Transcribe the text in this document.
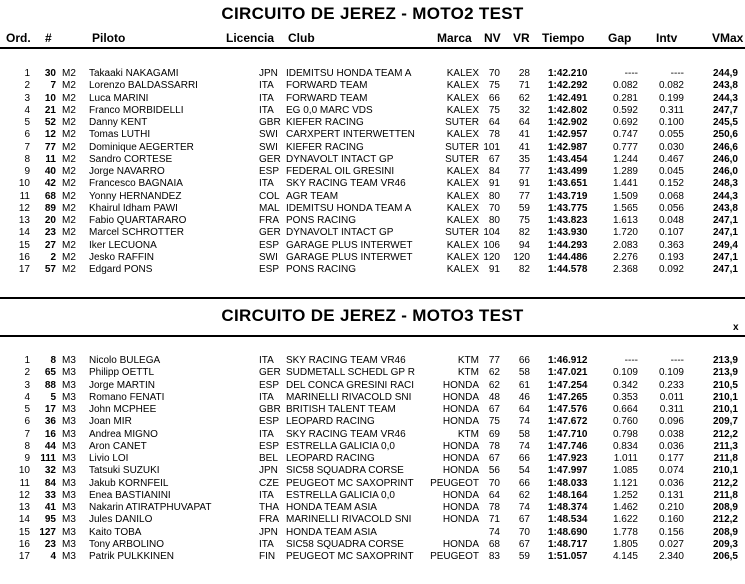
CIRCUITO DE JEREZ - MOTO2 TEST
Ord. #	Piloto	Licencia Club	Marca NV VR Tiempo Gap Intv	VMax
1	30 M2 Takaaki NAKAGAMI	JPN IDEMITSU HONDA TEAM A	KALEX 70	28 1:42.210	----	----	244,9
2	7 M2 Lorenzo BALDASSARRI	ITA FORWARD TEAM	KALEX 75	71 1:42.292	0.082	0.082	243,8
3	10 M2 Luca MARINI	ITA FORWARD TEAM	KALEX 66	62 1:42.491	0.281	0.199	244,3
4	21 M2 Franco MORBIDELLI	ITA EG 0,0 MARC VDS	KALEX 75	32 1:42.802	0.592	0.311	247,7
5	52 M2 Danny KENT	GBR KIEFER RACING	SUTER 64	64 1:42.902	0.692	0.100	245,5
6	12 M2 Tomas LUTHI	SWI CARXPERT INTERWETTEN	KALEX 78	41 1:42.957	0.747	0.055	250,6
7	77 M2 Dominique AEGERTER	SWI KIEFER RACING	SUTER 101	41 1:42.987	0.777	0.030	246,6
8	11 M2 Sandro CORTESE	GER DYNAVOLT INTACT GP	SUTER 67	35 1:43.454	1.244	0.467	246,0
9	40 M2 Jorge NAVARRO	ESP FEDERAL OIL GRESINI	KALEX 84	77 1:43.499	1.289	0.045	246,0
10	42 M2 Francesco BAGNAIA	ITA SKY RACING TEAM VR46	KALEX 91	91 1:43.651	1.441	0.152	248,3
11	68 M2 Yonny HERNANDEZ	COL AGR TEAM	KALEX 80	77 1:43.719	1.509	0.068	244,3
12	89 M2 Khairul Idham PAWI	MAL IDEMITSU HONDA TEAM A	KALEX 70	59 1:43.775	1.565	0.056	243,8
13	20 M2 Fabio QUARTARARO	FRA PONS RACING	KALEX 80	75 1:43.823	1.613	0.048	247,1
14	23 M2 Marcel SCHROTTER	GER DYNAVOLT INTACT GP	SUTER 104	82 1:43.930	1.720	0.107	247,1
15	27 M2 Iker LECUONA	ESP GARAGE PLUS INTERWET	KALEX 106	94 1:44.293	2.083	0.363	249,4
16	2 M2 Jesko RAFFIN	SWI GARAGE PLUS INTERWET	KALEX 120	120 1:44.486	2.276	0.193	247,1
17	57 M2 Edgard PONS	ESP PONS RACING	KALEX 91	82 1:44.578	2.368	0.092	247,1
CIRCUITO DE JEREZ - MOTO3 TEST
x
1	8 M3 Nicolo BULEGA	ITA SKY RACING TEAM VR46	KTM 77	66 1:46.912	----	----	213,9
2	65 M3 Philipp OETTL	GER SUDMETALL SCHEDL GP R	KTM 62	58 1:47.021	0.109	0.109	213,9
3	88 M3 Jorge MARTIN	ESP DEL CONCA GRESINI RACI	HONDA 62	61 1:47.254	0.342	0.233	210,5
4	5 M3 Romano FENATI	ITA MARINELLI RIVACOLD SNI	HONDA 48	46 1:47.265	0.353	0.011	210,1
5	17 M3 John MCPHEE	GBR BRITISH TALENT TEAM	HONDA 67	64 1:47.576	0.664	0.311	210,1
6	36 M3 Joan MIR	ESP LEOPARD RACING	HONDA 75	74 1:47.672	0.760	0.096	209,7
7	16 M3 Andrea MIGNO	ITA SKY RACING TEAM VR46	KTM 69	58 1:47.710	0.798	0.038	212,2
8	44 M3 Aron CANET	ESP ESTRELLA GALICIA 0,0	HONDA 78	74 1:47.746	0.834	0.036	211,3
9 111 M3 Livio LOI	BEL LEOPARD RACING	HONDA 67	66 1:47.923	1.011	0.177	211,8
10	32 M3 Tatsuki SUZUKI	JPN SIC58 SQUADRA CORSE	HONDA 56	54 1:47.997	1.085	0.074	210,1
11	84 M3 Jakub KORNFEIL	CZE PEUGEOT MC SAXOPRINT	PEUGEOT 70	66 1:48.033	1.121	0.036	212,2
12	33 M3 Enea BASTIANINI	ITA ESTRELLA GALICIA 0,0	HONDA 64	62 1:48.164	1.252	0.131	211,8
13	41 M3 Nakarin ATIRATPHUVAPAT	THA HONDA TEAM ASIA	HONDA 78	74 1:48.374	1.462	0.210	208,9
14	95 M3 Jules DANILO	FRA MARINELLI RIVACOLD SNI	HONDA 71	67 1:48.534	1.622	0.160	212,2
15 127 M3 Kaito TOBA	JPN HONDA TEAM ASIA	74	70 1:48.690	1.778	0.156	208,9
16	23 M3 Tony ARBOLINO	ITA SIC58 SQUADRA CORSE	HONDA 68	67 1:48.717	1.805	0.027	209,3
17	4 M3 Patrik PULKKINEN	FIN PEUGEOT MC SAXOPRINT	PEUGEOT 83	59 1:51.057	4.145	2.340	206,5
